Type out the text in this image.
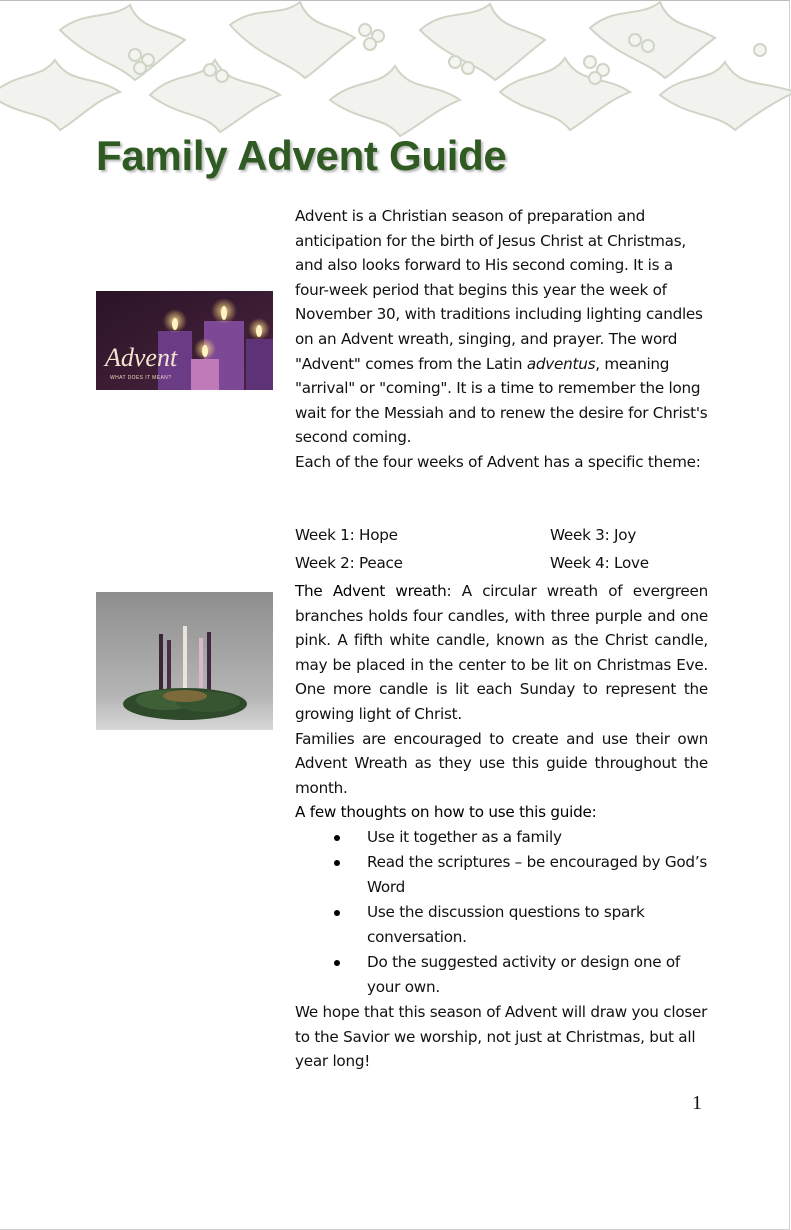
Family Advent Guide
Advent
WHAT DOES IT MEAN?

Advent is a Christian season of preparation and anticipation for the birth of Jesus Christ at Christmas, and also looks forward to His second coming. It is a four-week period that begins this year the week of November 30, with traditions including lighting candles on an Advent wreath, singing, and prayer. The word "Advent" comes from the Latin adventus, meaning "arrival" or "coming". It is a time to remember the long wait for the Messiah and to renew the desire for Christ's second coming.

Each of the four weeks of Advent has a specific theme:

Week 1: Hope	Week 3: Joy
Week 2: Peace	Week 4: Love

The Advent wreath: A circular wreath of evergreen branches holds four candles, with three purple and one pink. A fifth white candle, known as the Christ candle, may be placed in the center to be lit on Christmas Eve. One more candle is lit each Sunday to represent the growing light of Christ.

Families are encouraged to create and use their own Advent Wreath as they use this guide throughout the month.

A few thoughts on how to use this guide:

Use it together as a family
Read the scriptures – be encouraged by God’s Word
Use the discussion questions to spark conversation.
Do the suggested activity or design one of your own.

We hope that this season of Advent will draw you closer to the Savior we worship, not just at Christmas, but all year long!

1
